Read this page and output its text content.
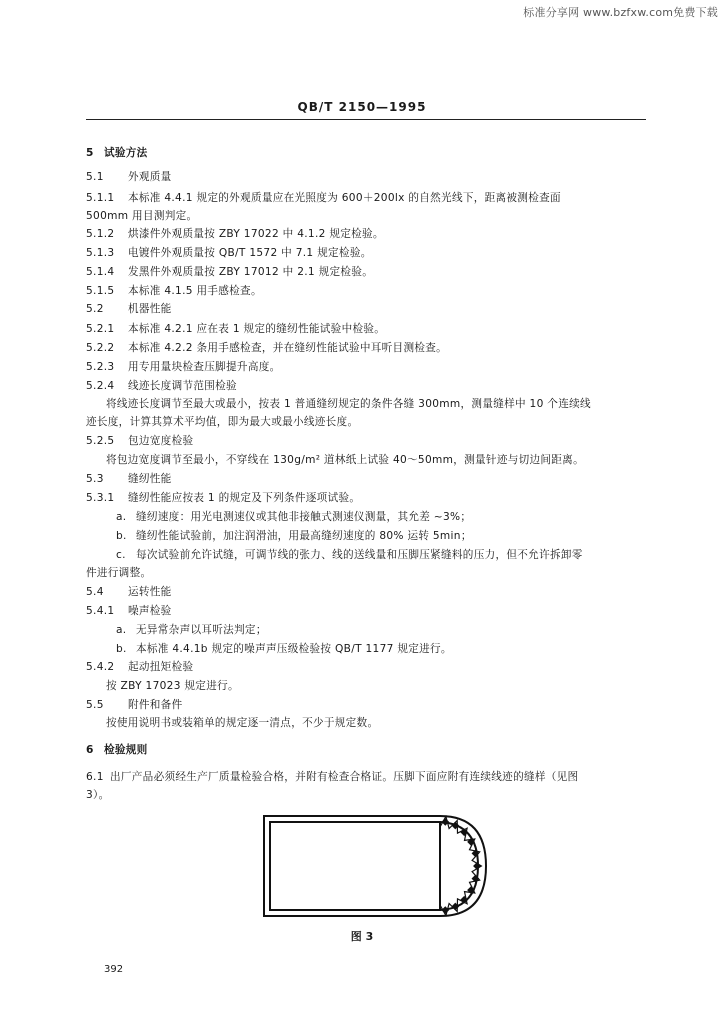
标准分享网 www.bzfxw.com免费下载
QB/T 2150—1995
5 试验方法
5.1 外观质量
5.1.1 本标准 4.4.1 规定的外观质量应在光照度为 600＋200lx 的自然光线下，距离被测检查面
500mm 用目测判定。
5.1.2 烘漆件外观质量按 ZBY 17022 中 4.1.2 规定检验。
5.1.3 电镀件外观质量按 QB/T 1572 中 7.1 规定检验。
5.1.4 发黑件外观质量按 ZBY 17012 中 2.1 规定检验。
5.1.5 本标准 4.1.5 用手感检查。
5.2 机器性能
5.2.1 本标准 4.2.1 应在表 1 规定的缝纫性能试验中检验。
5.2.2 本标准 4.2.2 条用手感检查，并在缝纫性能试验中耳听目测检查。
5.2.3 用专用量块检查压脚提升高度。
5.2.4 线迹长度调节范围检验
将线迹长度调节至最大或最小，按表 1 普通缝纫规定的条件各缝 300mm，测量缝样中 10 个连续线
迹长度，计算其算术平均值，即为最大或最小线迹长度。
5.2.5 包边宽度检验
将包边宽度调节至最小，不穿线在 130g/m² 道林纸上试验 40～50mm，测量针迹与切边间距离。
5.3 缝纫性能
5.3.1 缝纫性能应按表 1 的规定及下列条件逐项试验。
a. 缝纫速度：用光电测速仪或其他非接触式测速仪测量，其允差 ~3%；
b. 缝纫性能试验前，加注润滑油，用最高缝纫速度的 80% 运转 5min；
c. 每次试验前允许试缝，可调节线的张力、线的送线量和压脚压紧缝料的压力，但不允许拆卸零
件进行调整。
5.4 运转性能
5.4.1 噪声检验
a. 无异常杂声以耳听法判定；
b. 本标准 4.4.1b 规定的噪声声压级检验按 QB/T 1177 规定进行。
5.4.2 起动扭矩检验
按 ZBY 17023 规定进行。
5.5 附件和备件
按使用说明书或装箱单的规定逐一清点，不少于规定数。
6 检验规则
6.1 出厂产品必须经生产厂质量检验合格，并附有检查合格证。压脚下面应附有连续线迹的缝样（见图
3）。
图 3
392
